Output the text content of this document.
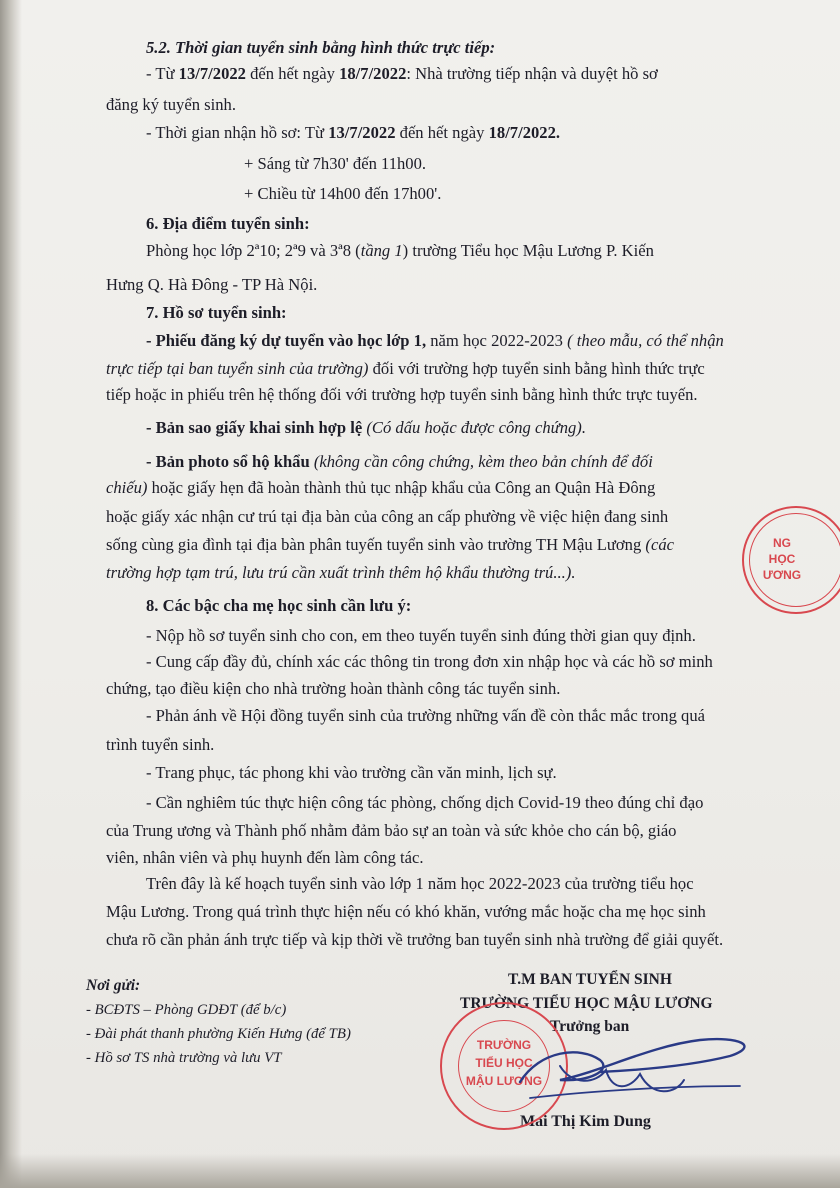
5.2. Thời gian tuyển sinh bằng hình thức trực tiếp:
- Từ 13/7/2022 đến hết ngày 18/7/2022: Nhà trường tiếp nhận và duyệt hồ sơ
đăng ký tuyển sinh.
- Thời gian nhận hồ sơ: Từ 13/7/2022 đến hết ngày 18/7/2022.
+ Sáng từ 7h30' đến 11h00.
+ Chiều từ 14h00 đến 17h00'.
6. Địa điểm tuyển sinh:
Phòng học lớp 2ª10; 2ª9 và 3ª8 (tầng 1) trường Tiểu học Mậu Lương P. Kiến
Hưng Q. Hà Đông - TP Hà Nội.
7. Hồ sơ tuyển sinh:
- Phiếu đăng ký dự tuyển vào học lớp 1, năm học 2022-2023 ( theo mẫu, có thể nhận
trực tiếp tại ban tuyển sinh của trường) đối với trường hợp tuyển sinh bằng hình thức trực
tiếp hoặc in phiếu trên hệ thống đối với trường hợp tuyển sinh bằng hình thức trực tuyến.
- Bản sao giấy khai sinh hợp lệ (Có dấu hoặc được công chứng).
- Bản photo sổ hộ khẩu (không cần công chứng, kèm theo bản chính để đối
chiếu) hoặc giấy hẹn đã hoàn thành thủ tục nhập khẩu của Công an Quận Hà Đông
hoặc giấy xác nhận cư trú tại địa bàn của công an cấp phường về việc hiện đang sinh
sống cùng gia đình tại địa bàn phân tuyến tuyển sinh vào trường TH Mậu Lương (các
trường hợp tạm trú, lưu trú cần xuất trình thêm hộ khẩu thường trú...).
8. Các bậc cha mẹ học sinh cần lưu ý:
- Nộp hồ sơ tuyển sinh cho con, em theo tuyến tuyển sinh đúng thời gian quy định.
- Cung cấp đầy đủ, chính xác các thông tin trong đơn xin nhập học và các hồ sơ minh
chứng, tạo điều kiện cho nhà trường hoàn thành công tác tuyển sinh.
- Phản ánh về Hội đồng tuyển sinh của trường những vấn đề còn thắc mắc trong quá
trình tuyển sinh.
- Trang phục, tác phong khi vào trường cần văn minh, lịch sự.
- Cần nghiêm túc thực hiện công tác phòng, chống dịch Covid-19 theo đúng chỉ đạo
của Trung ương và Thành phố nhằm đảm bảo sự an toàn và sức khỏe cho cán bộ, giáo
viên, nhân viên và phụ huynh đến làm công tác.
Trên đây là kế hoạch tuyển sinh vào lớp 1 năm học 2022-2023 của trường tiểu học
Mậu Lương. Trong quá trình thực hiện nếu có khó khăn, vướng mắc hoặc cha mẹ học sinh
chưa rõ cần phản ánh trực tiếp và kịp thời về trưởng ban tuyển sinh nhà trường để giải quyết.
Nơi gửi:
- BCĐTS – Phòng GDĐT (để b/c)
- Đài phát thanh phường Kiến Hưng (để TB)
- Hồ sơ TS nhà trường và lưu VT
T.M BAN TUYỂN SINH
TRƯỜNG TIỂU HỌC MẬU LƯƠNG
Trưởng ban
Mai Thị Kim Dung
NG
HỌC
ƯƠNG
TRƯỜNG
TIỂU HỌC
MẬU LƯƠNG
